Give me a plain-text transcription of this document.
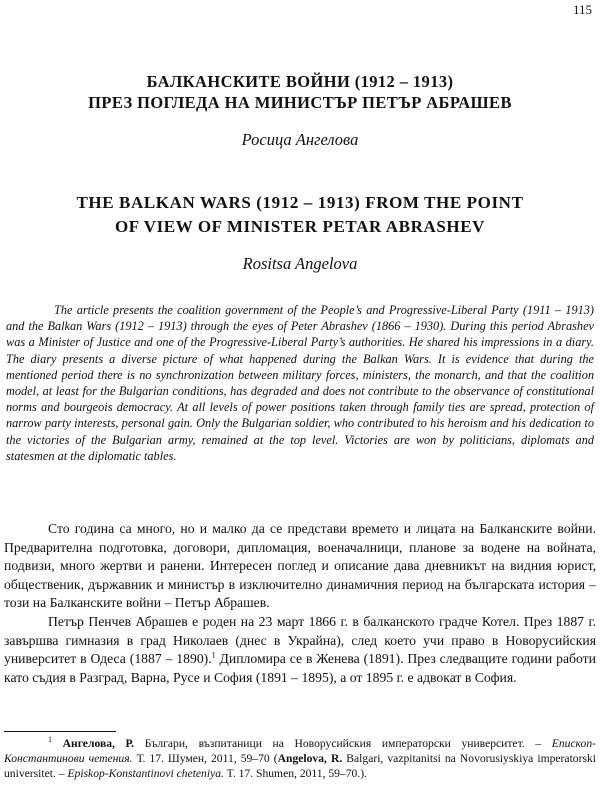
115
БАЛКАНСКИТЕ ВОЙНИ (1912 – 1913)
ПРЕЗ ПОГЛЕДА НА МИНИСТЪР ПЕТЪР АБРАШЕВ
Росица Ангелова
THE BALKAN WARS (1912 – 1913) FROM THE POINT
OF VIEW OF MINISTER PETAR ABRASHEV
Rositsa Angelova

The article presents the coalition government of the People’s and Progressive-Liberal Party (1911 – 1913) and the Balkan Wars (1912 – 1913) through the eyes of Peter Abrashev (1866 – 1930). During this period Abrashev was a Minister of Justice and one of the Progressive-Liberal Party’s authorities. He shared his impressions in a diary. The diary presents a diverse picture of what happened during the Balkan Wars. It is evidence that during the mentioned period there is no synchronization between military forces, ministers, the monarch, and that the coalition model, at least for the Bulgarian conditions, has degraded and does not contribute to the observance of constitutional norms and bourgeois democracy. At all levels of power positions taken through family ties are spread, protection of narrow party interests, personal gain. Only the Bulgarian soldier, who contributed to his heroism and his dedication to the victories of the Bulgarian army, remained at the top level. Victories are won by politicians, diplomats and statesmen at the diplomatic tables.

Сто година са много, но и малко да се представи времето и лицата на Балканските войни. Предварителна подготовка, договори, дипломация, военачалници, планове за водене на войната, подвизи, много жертви и ранени. Интересен поглед и описание дава дневникът на видния юрист, общественик, държавник и министър в изключително динамичния период на българската история – този на Балканските войни – Петър Абрашев.

Петър Пенчев Абрашев е роден на 23 март 1866 г. в балканското градче Котел. През 1887 г. завършва гимназия в град Николаев (днес в Украйна), след което учи право в Новорусийския университет в Одеса (1887 – 1890).$^1$ Дипломира се в Женева (1891). През следващите години работи като съдия в Разград, Варна, Русе и София (1891 – 1895), а от 1895 г. е адвокат в София.

$^1$ Ангелова, Р. Българи, възпитаници на Новорусийския императорски университет. – Епископ-Константинови четения. Т. 17. Шумен, 2011, 59–70 (Angelova, R. Balgari, vazpitanitsi na Novorusiyskiya imperatorski universitet. – Episkop-Konstantinovi cheteniya. T. 17. Shumen, 2011, 59–70.).
